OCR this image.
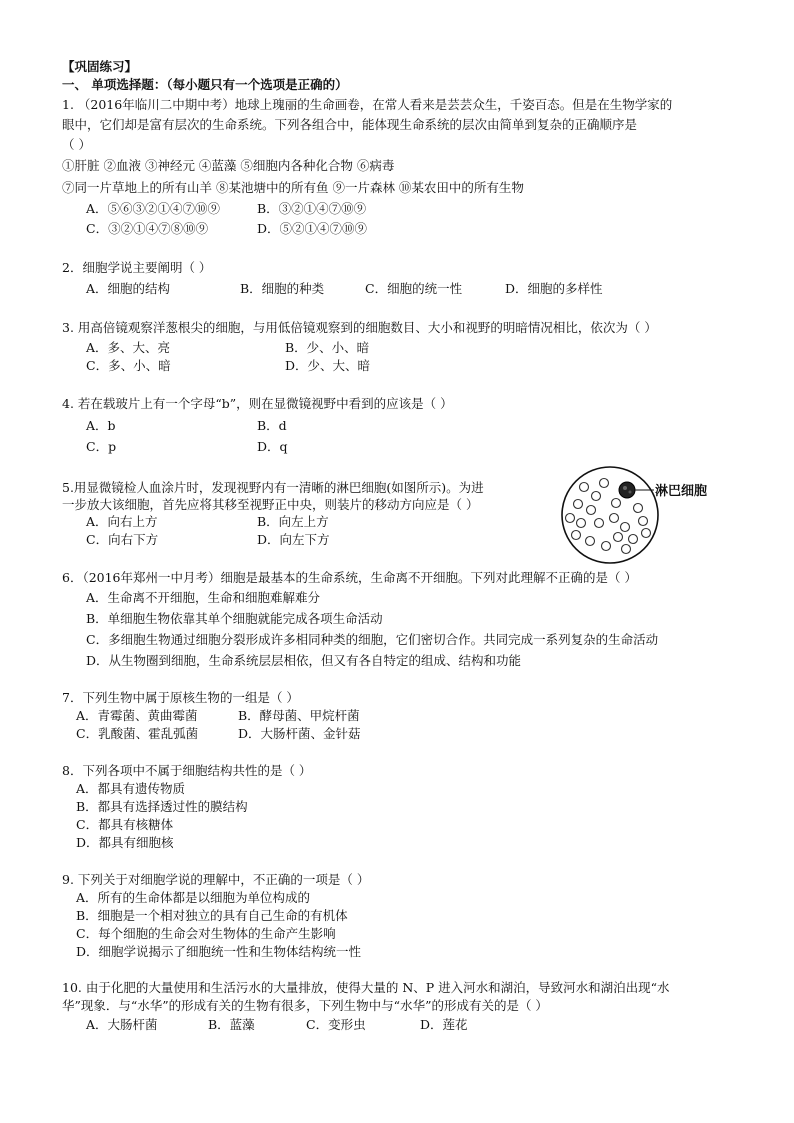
【巩固练习】
一、 单项选择题：（每小题只有一个选项是正确的）
1. （2016年临川二中期中考）地球上瑰丽的生命画卷，在常人看来是芸芸众生，千姿百态。但是在生物学家的
眼中，它们却是富有层次的生命系统。下列各组合中，能体现生命系统的层次由简单到复杂的正确顺序是
（ ）
①肝脏 ②血液 ③神经元 ④蓝藻 ⑤细胞内各种化合物 ⑥病毒
⑦同一片草地上的所有山羊 ⑧某池塘中的所有鱼 ⑨一片森林 ⑩某农田中的所有生物
A．⑤⑥③②①④⑦⑩⑨	B．③②①④⑦⑩⑨
C．③②①④⑦⑧⑩⑨	D．⑤②①④⑦⑩⑨
2．细胞学说主要阐明（ ）
A．细胞的结构	B．细胞的种类	C．细胞的统一性	D．细胞的多样性
3. 用高倍镜观察洋葱根尖的细胞，与用低倍镜观察到的细胞数目、大小和视野的明暗情况相比，依次为（ ）
A．多、大、亮	B．少、小、暗
C．多、小、暗	D．少、大、暗
4. 若在载玻片上有一个字母“b”，则在显微镜视野中看到的应该是（ ）
A．b	B．d
C．p	D．q
5.用显微镜检人血涂片时，发现视野内有一清晰的淋巴细胞(如图所示)。为进
一步放大该细胞，首先应将其移至视野正中央，则装片的移动方向应是（ ）
A．向右上方	B．向左上方
C．向右下方	D．向左下方
淋巴细胞
6．（2016年郑州一中月考）细胞是最基本的生命系统，生命离不开细胞。下列对此理解不正确的是（ ）
A．生命离不开细胞，生命和细胞难解难分
B．单细胞生物依靠其单个细胞就能完成各项生命活动
C．多细胞生物通过细胞分裂形成许多相同种类的细胞，它们密切合作。共同完成一系列复杂的生命活动
D．从生物圈到细胞，生命系统层层相依，但又有各自特定的组成、结构和功能
7．下列生物中属于原核生物的一组是（ ）
A．青霉菌、黄曲霉菌	B．酵母菌、甲烷杆菌
C．乳酸菌、霍乱弧菌	D．大肠杆菌、金针菇
8．下列各项中不属于细胞结构共性的是（ ）
A．都具有遗传物质
B．都具有选择透过性的膜结构
C．都具有核糖体
D．都具有细胞核
9. 下列关于对细胞学说的理解中，不正确的一项是（ ）
A．所有的生命体都是以细胞为单位构成的
B．细胞是一个相对独立的具有自己生命的有机体
C．每个细胞的生命会对生物体的生命产生影响
D．细胞学说揭示了细胞统一性和生物体结构统一性
10. 由于化肥的大量使用和生活污水的大量排放，使得大量的 N、P 进入河水和湖泊，导致河水和湖泊出现“水
华”现象．与“水华”的形成有关的生物有很多，下列生物中与“水华”的形成有关的是（ ）
A．大肠杆菌	B．蓝藻	C．变形虫	D．莲花
